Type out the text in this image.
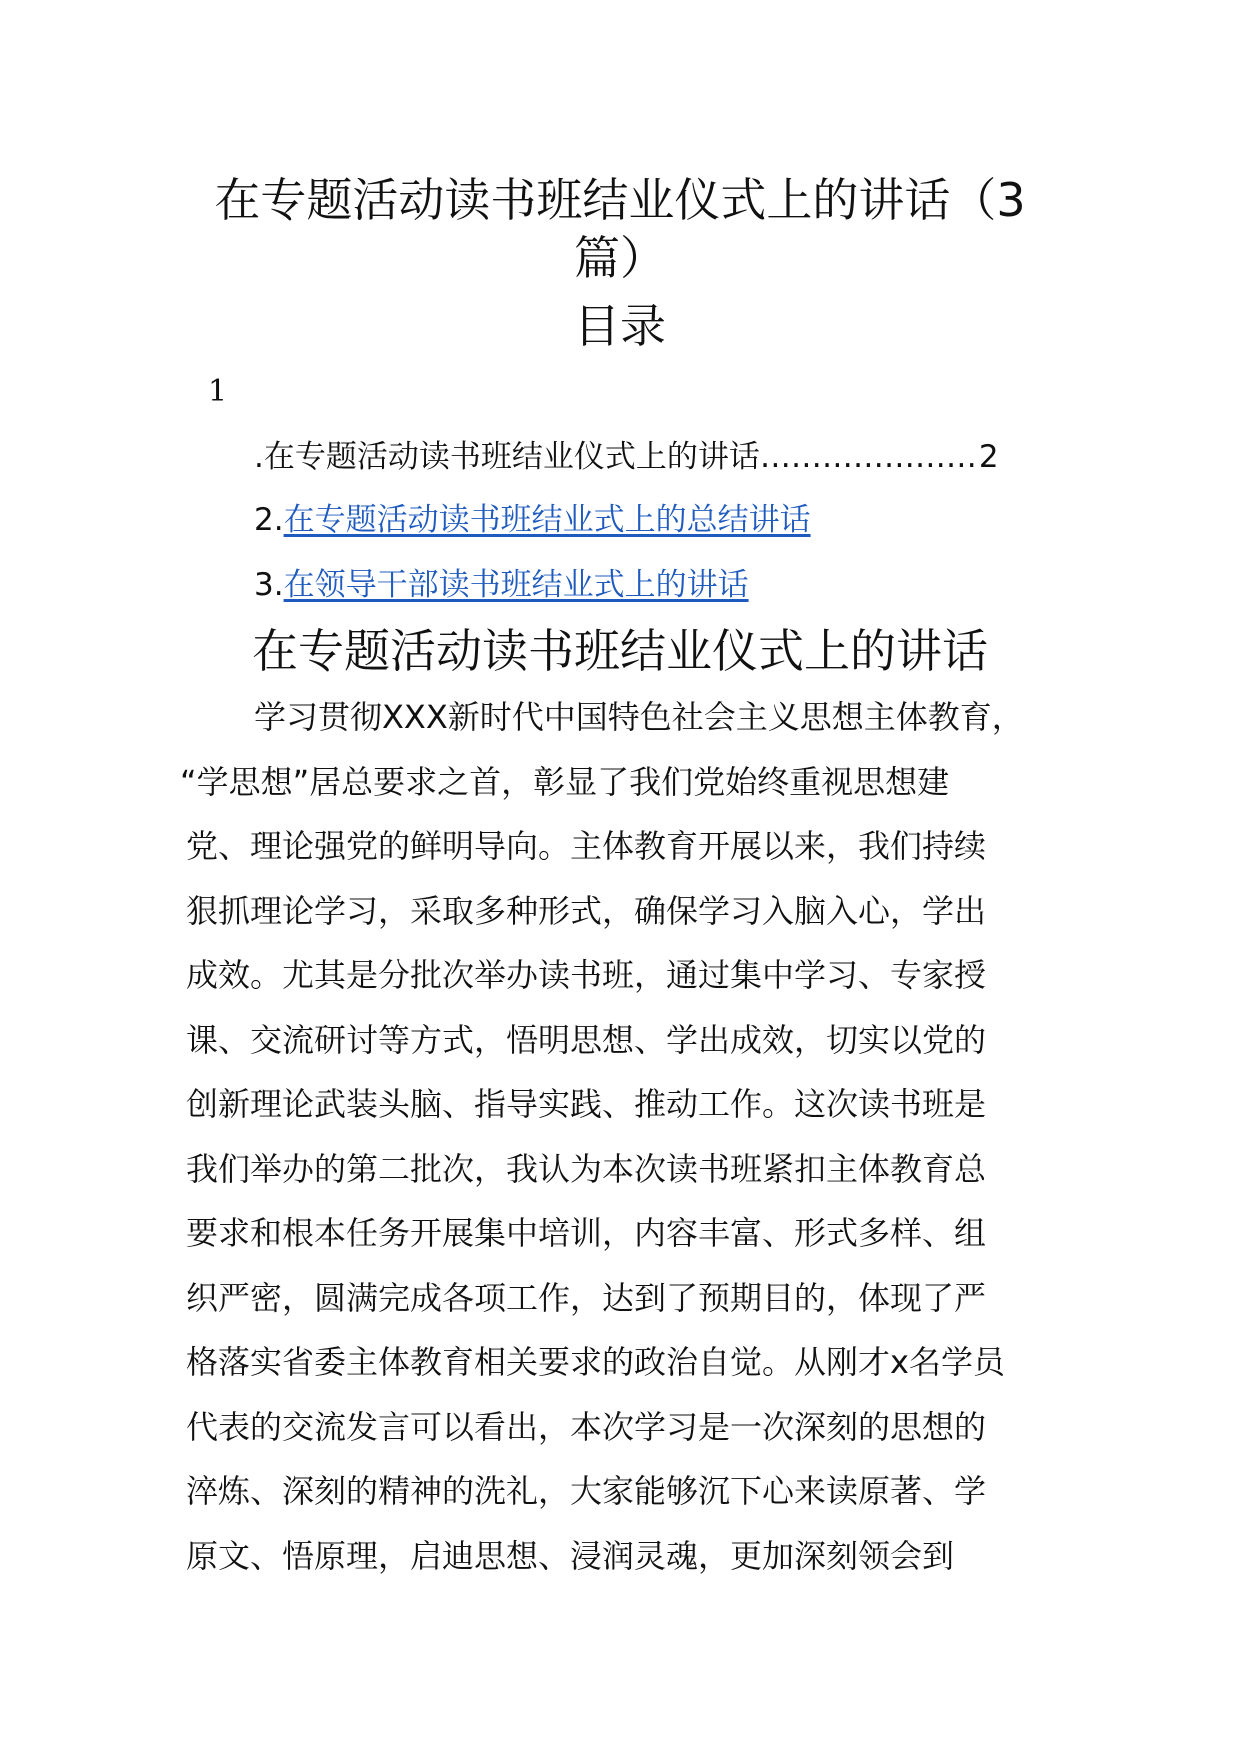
在专题活动读书班结业仪式上的讲话（3
篇）
目录
1
.在专题活动读书班结业仪式上的讲话…………………2
2.在专题活动读书班结业式上的总结讲话
3.在领导干部读书班结业式上的讲话
在专题活动读书班结业仪式上的讲话
学习贯彻XXX新时代中国特色社会主义思想主体教育，
“学思想”居总要求之首，彰显了我们党始终重视思想建
党、理论强党的鲜明导向。主体教育开展以来，我们持续
狠抓理论学习，采取多种形式，确保学习入脑入心，学出
成效。尤其是分批次举办读书班，通过集中学习、专家授
课、交流研讨等方式，悟明思想、学出成效，切实以党的
创新理论武装头脑、指导实践、推动工作。这次读书班是
我们举办的第二批次，我认为本次读书班紧扣主体教育总
要求和根本任务开展集中培训，内容丰富、形式多样、组
织严密，圆满完成各项工作，达到了预期目的，体现了严
格落实省委主体教育相关要求的政治自觉。从刚才x名学员
代表的交流发言可以看出，本次学习是一次深刻的思想的
淬炼、深刻的精神的洗礼，大家能够沉下心来读原著、学
原文、悟原理，启迪思想、浸润灵魂，更加深刻领会到
